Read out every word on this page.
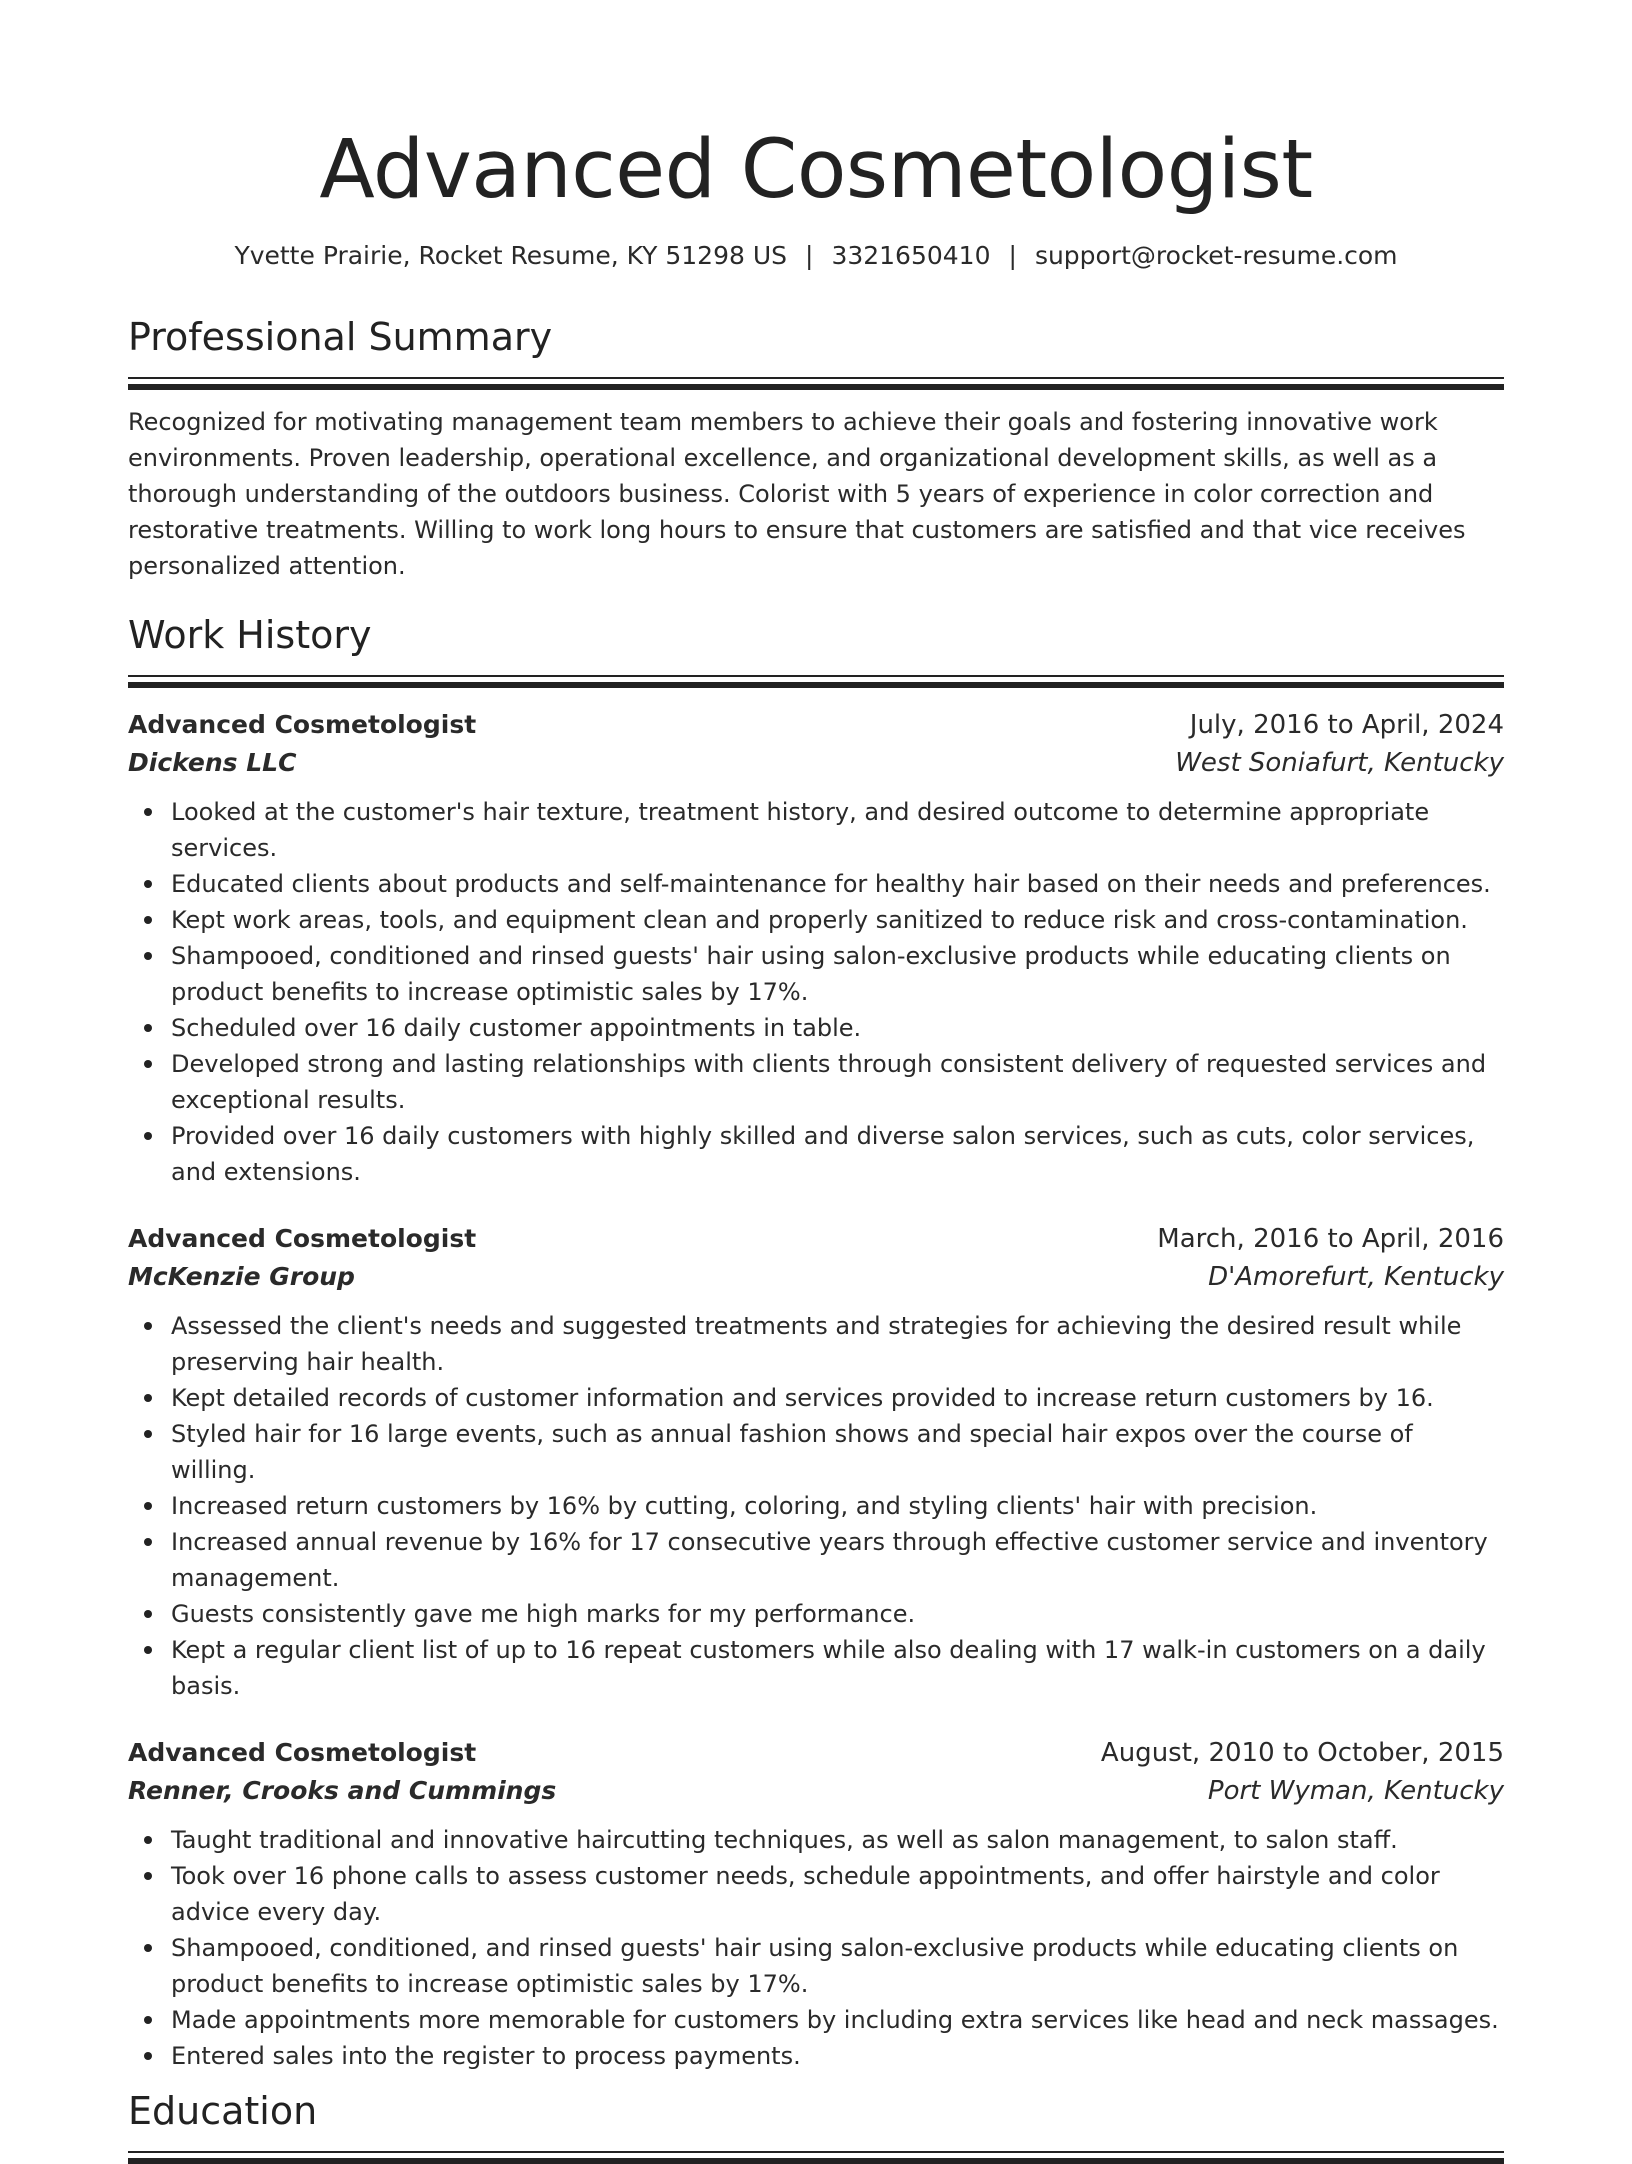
Advanced Cosmetologist
Yvette Prairie, Rocket Resume, KY 51298 US | 3321650410 | support@rocket-resume.com
Professional Summary

Recognized for motivating management team members to achieve their goals and fostering innovative work environments. Proven leadership, operational excellence, and organizational development skills, as well as a thorough understanding of the outdoors business. Colorist with 5 years of experience in color correction and restorative treatments. Willing to work long hours to ensure that customers are satisfied and that vice receives personalized attention.

Work History
Advanced Cosmetologist	July, 2016 to April, 2024
Dickens LLC	West Soniafurt, Kentucky
Looked at the customer's hair texture, treatment history, and desired outcome to determine appropriate services.
Educated clients about products and self-maintenance for healthy hair based on their needs and preferences.
Kept work areas, tools, and equipment clean and properly sanitized to reduce risk and cross-contamination.
Shampooed, conditioned and rinsed guests' hair using salon-exclusive products while educating clients on product benefits to increase optimistic sales by 17%.
Scheduled over 16 daily customer appointments in table.
Developed strong and lasting relationships with clients through consistent delivery of requested services and exceptional results.
Provided over 16 daily customers with highly skilled and diverse salon services, such as cuts, color services, and extensions.
Advanced Cosmetologist	March, 2016 to April, 2016
McKenzie Group	D'Amorefurt, Kentucky
Assessed the client's needs and suggested treatments and strategies for achieving the desired result while preserving hair health.
Kept detailed records of customer information and services provided to increase return customers by 16.
Styled hair for 16 large events, such as annual fashion shows and special hair expos over the course of willing.
Increased return customers by 16% by cutting, coloring, and styling clients' hair with precision.
Increased annual revenue by 16% for 17 consecutive years through effective customer service and inventory management.
Guests consistently gave me high marks for my performance.
Kept a regular client list of up to 16 repeat customers while also dealing with 17 walk-in customers on a daily basis.
Advanced Cosmetologist	August, 2010 to October, 2015
Renner, Crooks and Cummings	Port Wyman, Kentucky
Taught traditional and innovative haircutting techniques, as well as salon management, to salon staff.
Took over 16 phone calls to assess customer needs, schedule appointments, and offer hairstyle and color advice every day.
Shampooed, conditioned, and rinsed guests' hair using salon-exclusive products while educating clients on product benefits to increase optimistic sales by 17%.
Made appointments more memorable for customers by including extra services like head and neck massages.
Entered sales into the register to process payments.
Education
